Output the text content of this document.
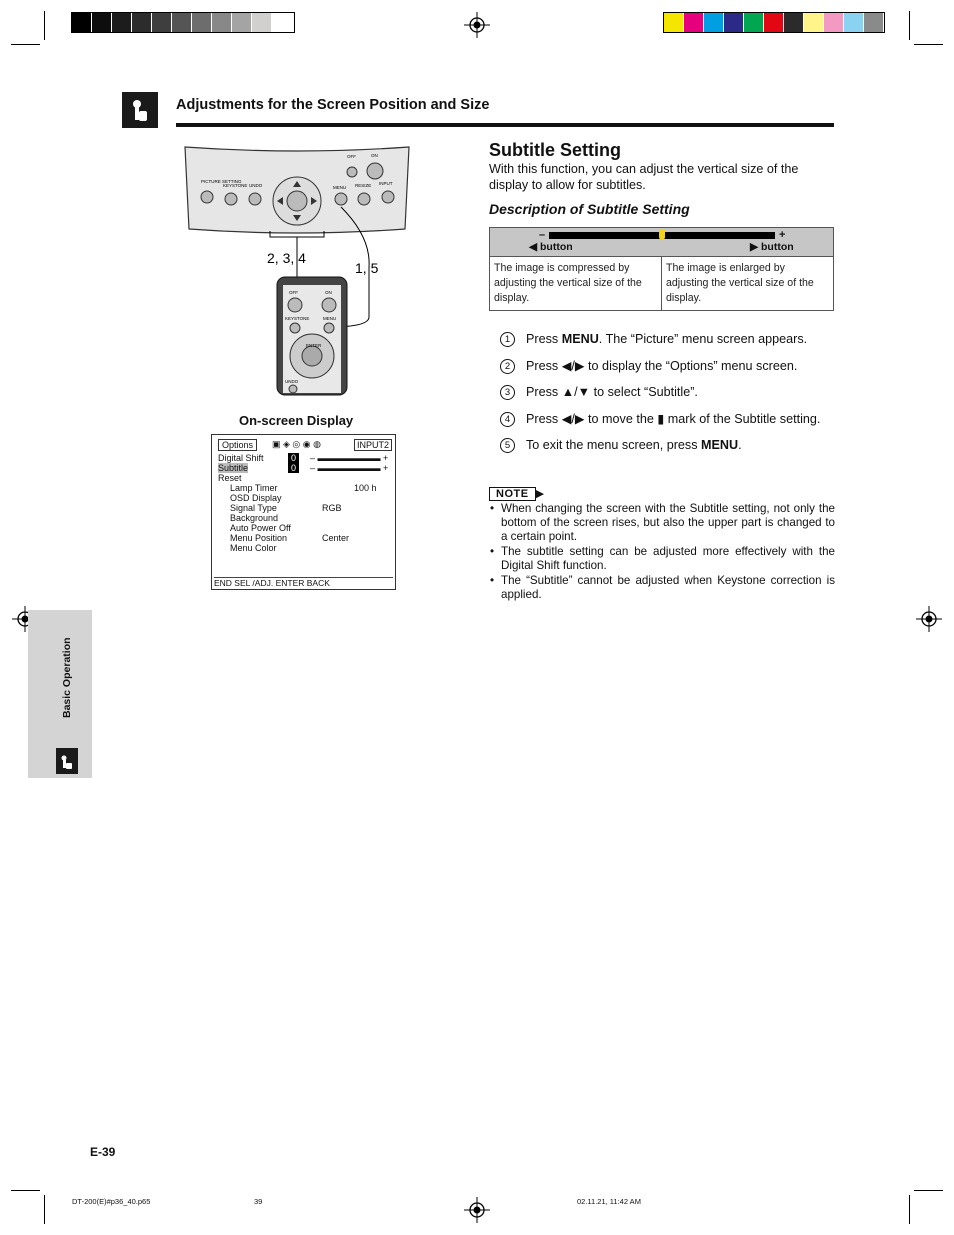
Adjustments for the Screen Position and Size
PICTURE SETTING
KEYSTONE UNDO	MENU RESIZE INPUT
OFF	ON
2, 3, 4
1, 5
OFF	ON
KEYSTONE	MENU
ENTER
UNDO
On-screen Display
Options	▣ ◈ ◎ ◉ ◍	INPUT2
Digital Shift	0	– ▬▬▬▬▬▬▬ +
Subtitle	0	– ▬▬▬▬▬▬▬ +
Reset
Lamp Timer	100 h
OSD Display
Signal Type	RGB
Background
Auto Power Off
Menu Position	Center
Menu Color
END SEL /ADJ. ENTER BACK
Subtitle Setting
With this function, you can adjust the vertical size of the display to allow for subtitles.
Description of Subtitle Setting
–	+
◀ button	▶ button

The image is compressed by adjusting the vertical size of the display.	The image is enlarged by adjusting the vertical size of the display.
1	Press MENU. The “Picture” menu screen appears.
2	Press ◀/▶ to display the “Options” menu screen.
3	Press ▲/▼ to select “Subtitle”.
4	Press ◀/▶ to move the ▮ mark of the Subtitle setting.
5	To exit the menu screen, press MENU.
NOTE ▶
• When changing the screen with the Subtitle setting, not only the bottom of the screen rises, but also the upper part is changed to a certain point.
• The subtitle setting can be adjusted more effectively with the Digital Shift function.
• The “Subtitle” cannot be adjusted when Keystone correction is applied.
Basic Operation
E-39
DT-200(E)#p36_40.p65	39	02.11.21, 11:42 AM
